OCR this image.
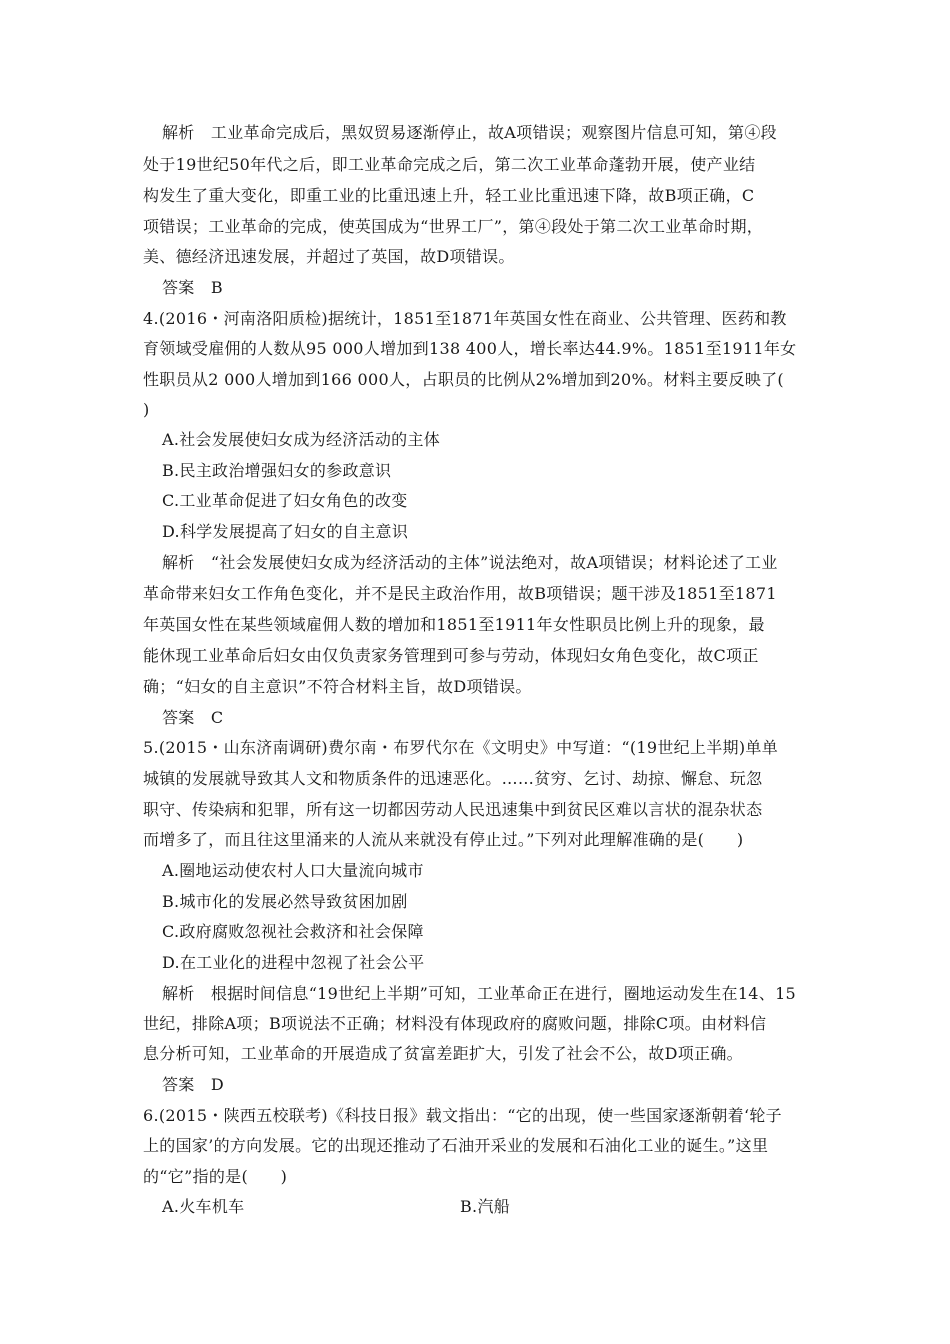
解析　工业革命完成后，黑奴贸易逐渐停止，故A项错误；观察图片信息可知，第④段
处于19世纪50年代之后，即工业革命完成之后，第二次工业革命蓬勃开展，使产业结
构发生了重大变化，即重工业的比重迅速上升，轻工业比重迅速下降，故B项正确，C
项错误；工业革命的完成，使英国成为“世界工厂”，第④段处于第二次工业革命时期，
美、德经济迅速发展，并超过了英国，故D项错误。
答案　B
4.(2016・河南洛阳质检)据统计，1851至1871年英国女性在商业、公共管理、医药和教
育领域受雇佣的人数从95 000人增加到138 400人，增长率达44.9%。1851至1911年女
性职员从2 000人增加到166 000人，占职员的比例从2%增加到20%。材料主要反映了(
)
A.社会发展使妇女成为经济活动的主体
B.民主政治增强妇女的参政意识
C.工业革命促进了妇女角色的改变
D.科学发展提高了妇女的自主意识
解析　“社会发展使妇女成为经济活动的主体”说法绝对，故A项错误；材料论述了工业
革命带来妇女工作角色变化，并不是民主政治作用，故B项错误；题干涉及1851至1871
年英国女性在某些领域雇佣人数的增加和1851至1911年女性职员比例上升的现象，最
能休现工业革命后妇女由仅负责家务管理到可参与劳动，体现妇女角色变化，故C项正
确；“妇女的自主意识”不符合材料主旨，故D项错误。
答案　C
5.(2015・山东济南调研)费尔南・布罗代尔在《文明史》中写道：“(19世纪上半期)单单
城镇的发展就导致其人文和物质条件的迅速恶化。……贫穷、乞讨、劫掠、懈怠、玩忽
职守、传染病和犯罪，所有这一切都因劳动人民迅速集中到贫民区难以言状的混杂状态
而增多了，而且往这里涌来的人流从来就没有停止过。”下列对此理解准确的是(　　)
A.圈地运动使农村人口大量流向城市
B.城市化的发展必然导致贫困加剧
C.政府腐败忽视社会救济和社会保障
D.在工业化的进程中忽视了社会公平
解析　根据时间信息“19世纪上半期”可知，工业革命正在进行，圈地运动发生在14、15
世纪，排除A项；B项说法不正确；材料没有体现政府的腐败问题，排除C项。由材料信
息分析可知，工业革命的开展造成了贫富差距扩大，引发了社会不公，故D项正确。
答案　D
6.(2015・陕西五校联考)《科技日报》载文指出：“它的出现，使一些国家逐渐朝着‘轮子
上的国家’的方向发展。它的出现还推动了石油开采业的发展和石油化工业的诞生。”这里
的“它”指的是(　　)
A.火车机车	B.汽船
